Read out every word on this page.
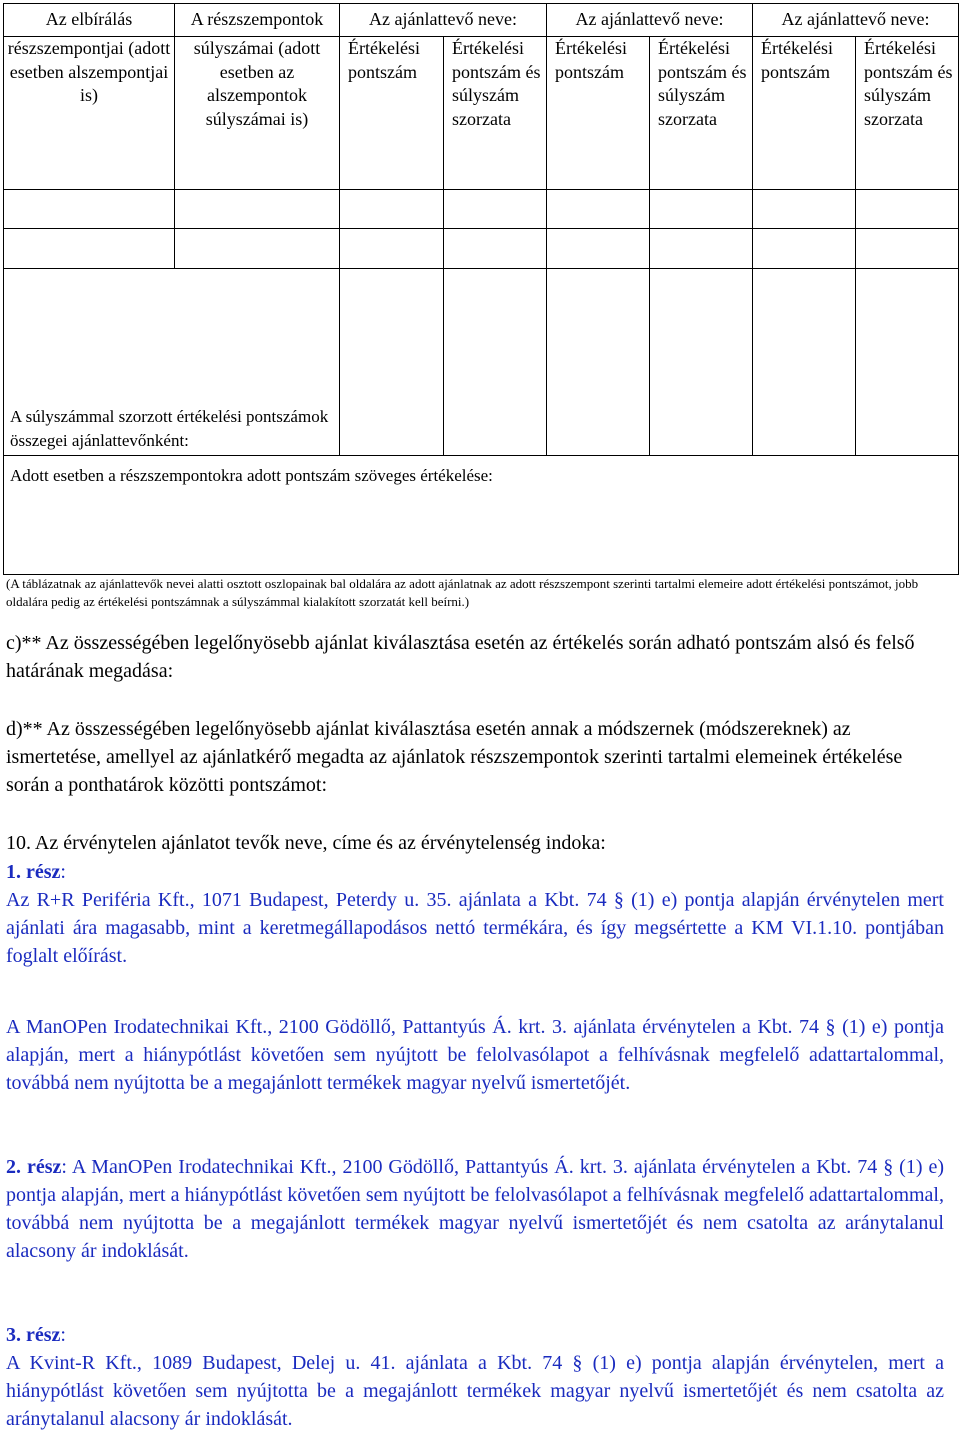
Az elbírálás	A részszempontok	Az ajánlattevő neve:		Az ajánlattevő neve:		Az ajánlattevő neve:	
részszempontjai (adott esetben alszempontjai is)	súlyszámai (adott esetben az alszempontok súlyszámai is)	Értékelési pontszám	Értékelési pontszám és súlyszám szorzata	Értékelési pontszám	Értékelési pontszám és súlyszám szorzata	Értékelési pontszám	Értékelési pontszám és súlyszám szorzata

A súlyszámmal szorzott értékelési pontszámok összegei ajánlattevőnként:							
Adott esetben a részszempontokra adott pontszám szöveges értékelése:							
(A táblázatnak az ajánlattevők nevei alatti osztott oszlopainak bal oldalára az adott ajánlatnak az adott részszempont szerinti tartalmi elemeire adott értékelési pontszámot, jobb oldalára pedig az értékelési pontszámnak a súlyszámmal kialakított szorzatát kell beírni.)

c)** Az összességében legelőnyösebb ajánlat kiválasztása esetén az értékelés során adható pontszám alsó és felső határának megadása:

d)** Az összességében legelőnyösebb ajánlat kiválasztása esetén annak a módszernek (módszereknek) az ismertetése, amellyel az ajánlatkérő megadta az ajánlatok részszempontok szerinti tartalmi elemeinek értékelése során a ponthatárok közötti pontszámot:

10. Az érvénytelen ajánlatot tevők neve, címe és az érvénytelenség indoka:

1. rész:

Az R+R Periféria Kft., 1071 Budapest, Peterdy u. 35. ajánlata a Kbt. 74 § (1) e) pontja alapján érvénytelen mert ajánlati ára magasabb, mint a keretmegállapodásos nettó termékára, és így megsértette a KM VI.1.10. pontjában foglalt előírást.

A ManOPen Irodatechnikai Kft., 2100 Gödöllő, Pattantyús Á. krt. 3. ajánlata érvénytelen a Kbt. 74 § (1) e) pontja alapján, mert a hiánypótlást követően sem nyújtott be felolvasólapot a felhívásnak megfelelő adattartalommal, továbbá nem nyújtotta be a megajánlott termékek magyar nyelvű ismertetőjét.

2. rész: A ManOPen Irodatechnikai Kft., 2100 Gödöllő, Pattantyús Á. krt. 3. ajánlata érvénytelen a Kbt. 74 § (1) e) pontja alapján, mert a hiánypótlást követően sem nyújtott be felolvasólapot a felhívásnak megfelelő adattartalommal, továbbá nem nyújtotta be a megajánlott termékek magyar nyelvű ismertetőjét és nem csatolta az aránytalanul alacsony ár indoklását.

3. rész:

A Kvint-R Kft., 1089 Budapest, Delej u. 41. ajánlata a Kbt. 74 § (1) e) pontja alapján érvénytelen, mert a hiánypótlást követően sem nyújtotta be a megajánlott termékek magyar nyelvű ismertetőjét és nem csatolta az aránytalanul alacsony ár indoklását.
